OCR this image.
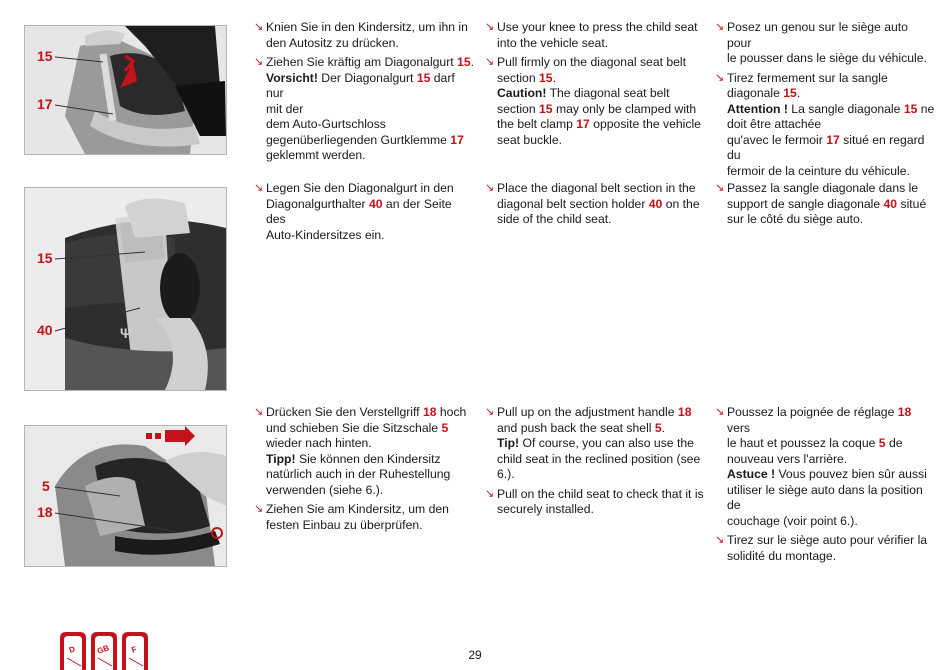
15
17
Ψ
15
40
5
18

↘ Knien Sie in den Kindersitz, um ihn in
den Autositz zu drücken.

↘ Ziehen Sie kräftig am Diagonalgurt 15.
Vorsicht! Der Diagonalgurt 15 darf nur
mit der
dem Auto-Gurtschloss
gegenüberliegenden Gurtklemme 17
geklemmt werden.

↘ Use your knee to press the child seat
into the vehicle seat.

↘ Pull firmly on the diagonal seat belt
section 15.
Caution! The diagonal seat belt
section 15 may only be clamped with
the belt clamp 17 opposite the vehicle
seat buckle.

↘ Posez un genou sur le siège auto pour
le pousser dans le siège du véhicule.

↘ Tirez fermement sur la sangle
diagonale 15.
Attention ! La sangle diagonale 15 ne
doit être attachée
qu'avec le fermoir 17 situé en regard du
fermoir de la ceinture du véhicule.

↘ Legen Sie den Diagonalgurt in den
Diagonalgurthalter 40 an der Seite des
Auto-Kindersitzes ein.

↘ Place the diagonal belt section in the
diagonal belt section holder 40 on the
side of the child seat.

↘ Passez la sangle diagonale dans le
support de sangle diagonale 40 situé
sur le côté du siège auto.

↘ Drücken Sie den Verstellgriff 18 hoch
und schieben Sie die Sitzschale 5
wieder nach hinten.
Tipp! Sie können den Kindersitz
natürlich auch in der Ruhestellung
verwenden (siehe 6.).

↘ Ziehen Sie am Kindersitz, um den
festen Einbau zu überprüfen.

↘ Pull up on the adjustment handle 18
and push back the seat shell 5.
Tip! Of course, you can also use the
child seat in the reclined position (see
6.).

↘ Pull on the child seat to check that it is
securely installed.

↘ Poussez la poignée de réglage 18 vers
le haut et poussez la coque 5 de
nouveau vers l'arrière.
Astuce ! Vous pouvez bien sûr aussi
utiliser le siège auto dans la position de
couchage (voir point 6.).

↘ Tirez sur le siège auto pour vérifier la
solidité du montage.

D GB F	29
